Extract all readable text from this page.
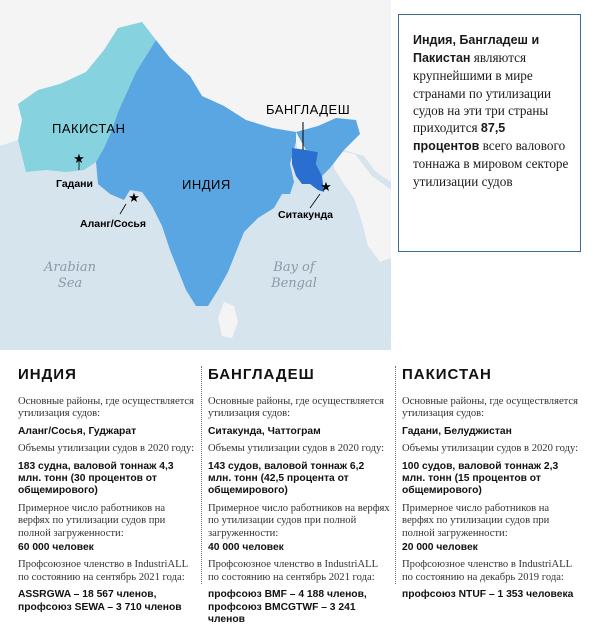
★
★
★
ПАКИСТАН
ИНДИЯ
БАНГЛАДЕШ
Гадани
Аланг/Сосья
Ситакунда
Arabian
Sea
Bay of
Bengal
Индия, Бангладеш и Пакистан являются крупнейшими в мире странами по утилизации судов на эти три страны приходится 87,5 процентов всего валового тоннажа в мировом секторе утилизации судов
ИНДИЯ

Основные районы, где осуществляется утилизация судов:

Аланг/Сосья, Гуджарат

Объемы утилизации судов в 2020 году:

183 судна, валовой тоннаж 4,3 млн. тонн (30 процентов от общемирового)

Примерное число работников на верфях по утилизации судов при полной загруженности:

60 000 человек

Профсоюзное членство в IndustriALL по состоянию на сентябрь 2021 года:

ASSRGWA – 18 567 членов,

профсоюз SEWA – 3 710 членов

БАНГЛАДЕШ

Основные районы, где осуществляется утилизация судов:

Ситакунда, Чаттограм

Объемы утилизации судов в 2020 году:

143 судов, валовой тоннаж 6,2 млн. тонн (42,5 процента от общемирового)

Примерное число работников на верфях по утилизации судов при полной загруженности:

40 000 человек

Профсоюзное членство в IndustriALL по состоянию на сентябрь 2021 года:

профсоюз BMF – 4 188 членов,

профсоюз BMCGTWF – 3 241 членов

ПАКИСТАН

Основные районы, где осуществляется утилизация судов:

Гадани, Белуджистан

Объемы утилизации судов в 2020 году:

100 судов, валовой тоннаж 2,3 млн. тонн (15 процентов от общемирового)

Примерное число работников на верфях по утилизации судов при полной загруженности:

20 000 человек

Профсоюзное членство в IndustriALL по состоянию на декабрь 2019 года:

профсоюз NTUF – 1 353 человека
